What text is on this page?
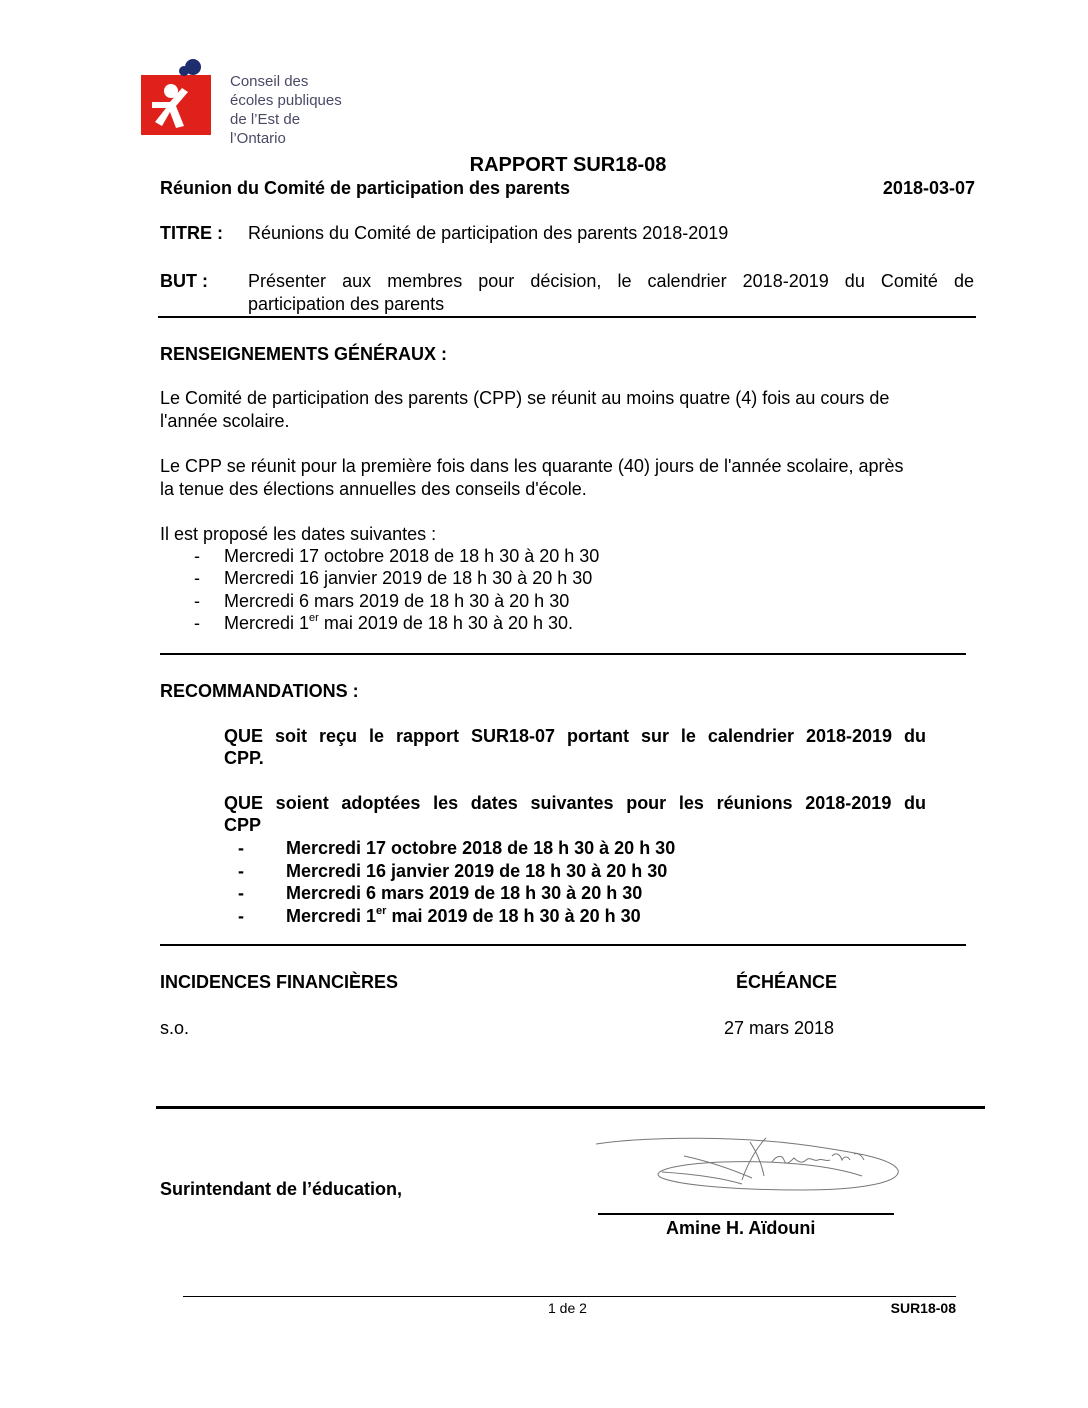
Conseil des
écoles publiques
de l’Est de l’Ontario
RAPPORT SUR18-08
Réunion du Comité de participation des parents	2018-03-07
TITRE : Réunions du Comité de participation des parents 2018-2019
BUT : Présenter aux membres pour décision, le calendrier 2018-2019 du Comité de
participation des parents
RENSEIGNEMENTS GÉNÉRAUX :
Le Comité de participation des parents (CPP) se réunit au moins quatre (4) fois au cours de
l'année scolaire.
Le CPP se réunit pour la première fois dans les quarante (40) jours de l'année scolaire, après
la tenue des élections annuelles des conseils d'école.
Il est proposé les dates suivantes :
- Mercredi 17 octobre 2018 de 18 h 30 à 20 h 30
- Mercredi 16 janvier 2019 de 18 h 30 à 20 h 30
- Mercredi 6 mars 2019 de 18 h 30 à 20 h 30
- Mercredi 1er mai 2019 de 18 h 30 à 20 h 30.
RECOMMANDATIONS :
QUE soit reçu le rapport SUR18-07 portant sur le calendrier 2018-2019 du
CPP.
QUE soient adoptées les dates suivantes pour les réunions 2018-2019 du
CPP
- Mercredi 17 octobre 2018 de 18 h 30 à 20 h 30
- Mercredi 16 janvier 2019 de 18 h 30 à 20 h 30
- Mercredi 6 mars 2019 de 18 h 30 à 20 h 30
- Mercredi 1er mai 2019 de 18 h 30 à 20 h 30
INCIDENCES FINANCIÈRES	ÉCHÉANCE
s.o.	27 mars 2018
Surintendant de l’éducation,
Amine H. Aïdouni
1 de 2	SUR18-08
